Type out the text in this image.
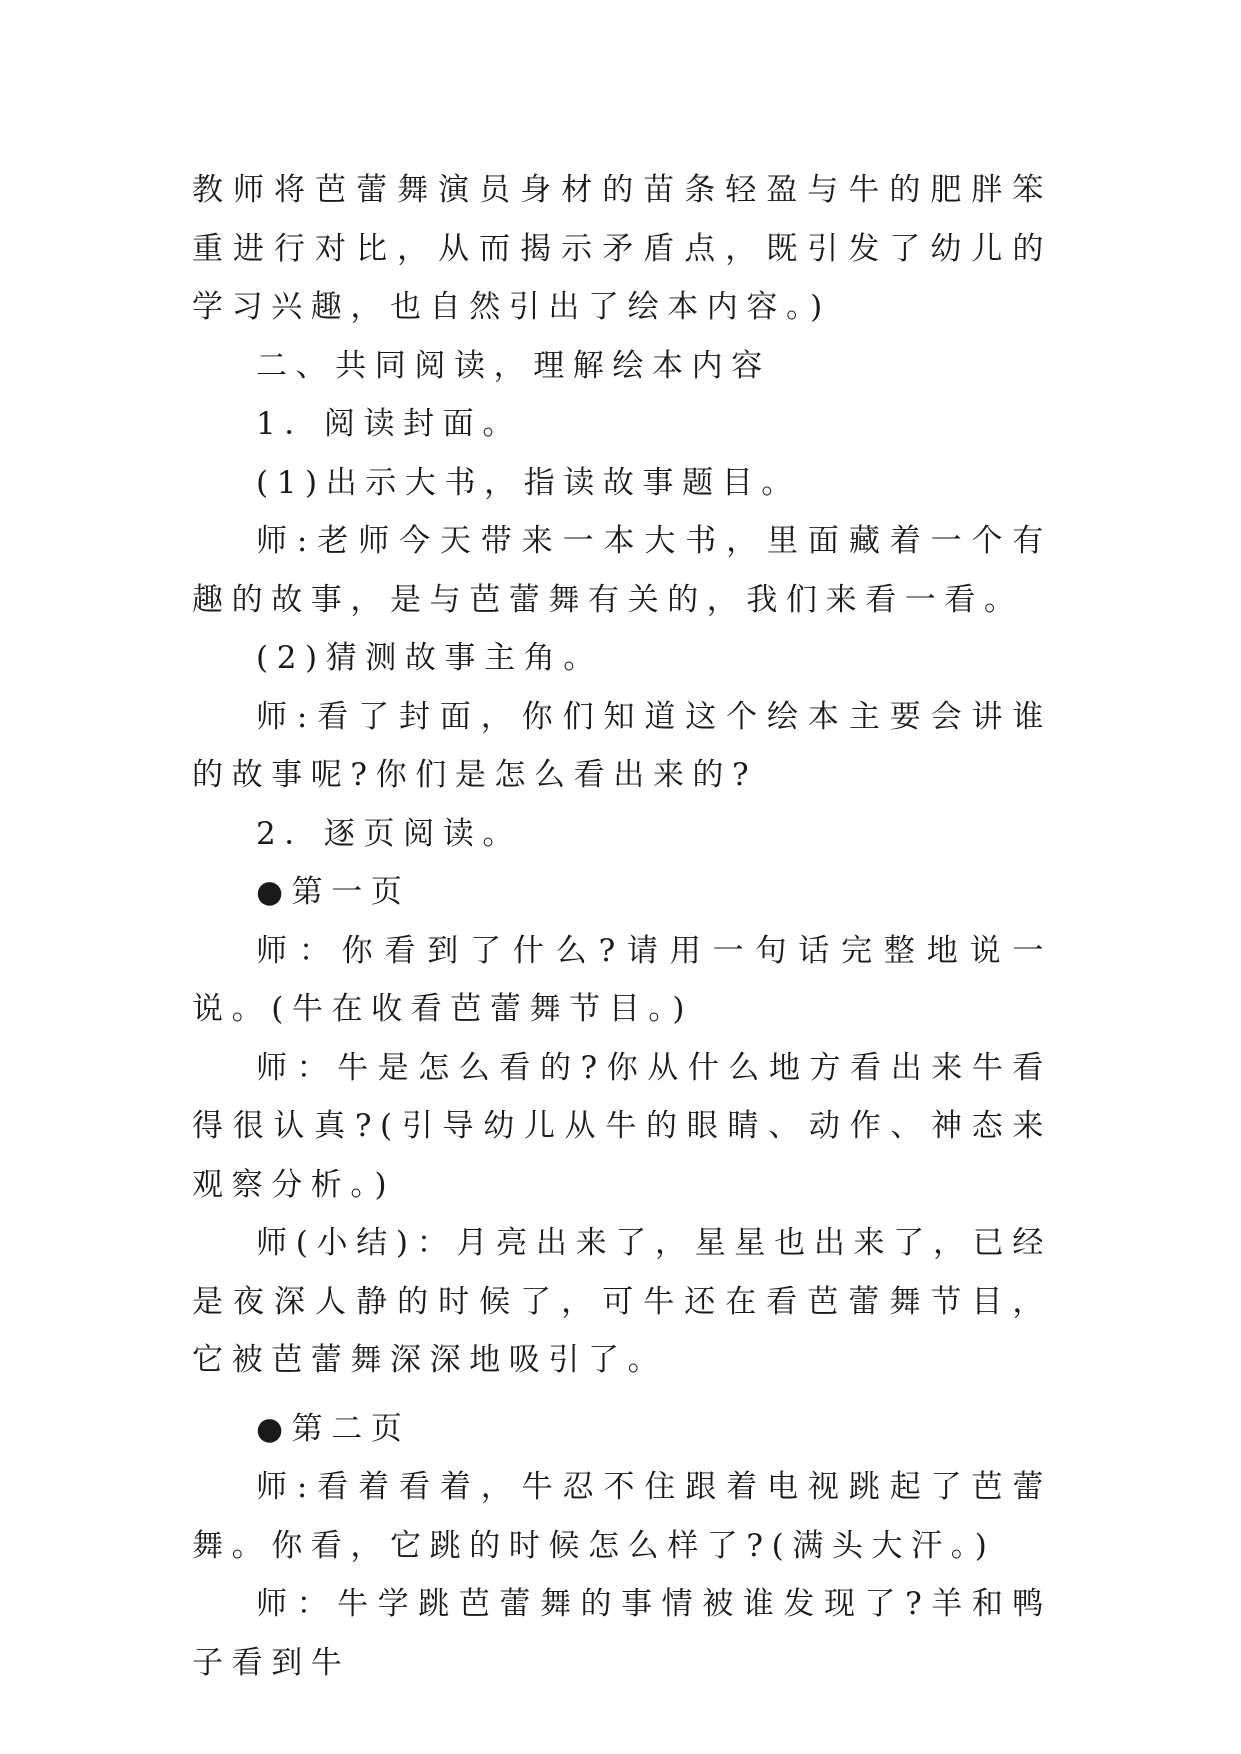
教师将芭蕾舞演员身材的苗条轻盈与牛的肥胖笨重进行对比，从而揭示矛盾点，既引发了幼儿的学习兴趣，也自然引出了绘本内容。)

二、共同阅读，理解绘本内容

1．阅读封面。

(1)出示大书，指读故事题目。

师:老师今天带来一本大书，里面藏着一个有趣的故事，是与芭蕾舞有关的，我们来看一看。

(2)猜测故事主角。

师:看了封面，你们知道这个绘本主要会讲谁的故事呢?你们是怎么看出来的?

2．逐页阅读。

●第一页

师：你看到了什么?请用一句话完整地说一说。(牛在收看芭蕾舞节目。)

师：牛是怎么看的?你从什么地方看出来牛看得很认真?(引导幼儿从牛的眼睛、动作、神态来观察分析。)

师(小结)：月亮出来了，星星也出来了，已经是夜深人静的时候了，可牛还在看芭蕾舞节目，它被芭蕾舞深深地吸引了。

●第二页

师:看着看着，牛忍不住跟着电视跳起了芭蕾舞。你看，它跳的时候怎么样了?(满头大汗。)

师：牛学跳芭蕾舞的事情被谁发现了?羊和鸭子看到牛
